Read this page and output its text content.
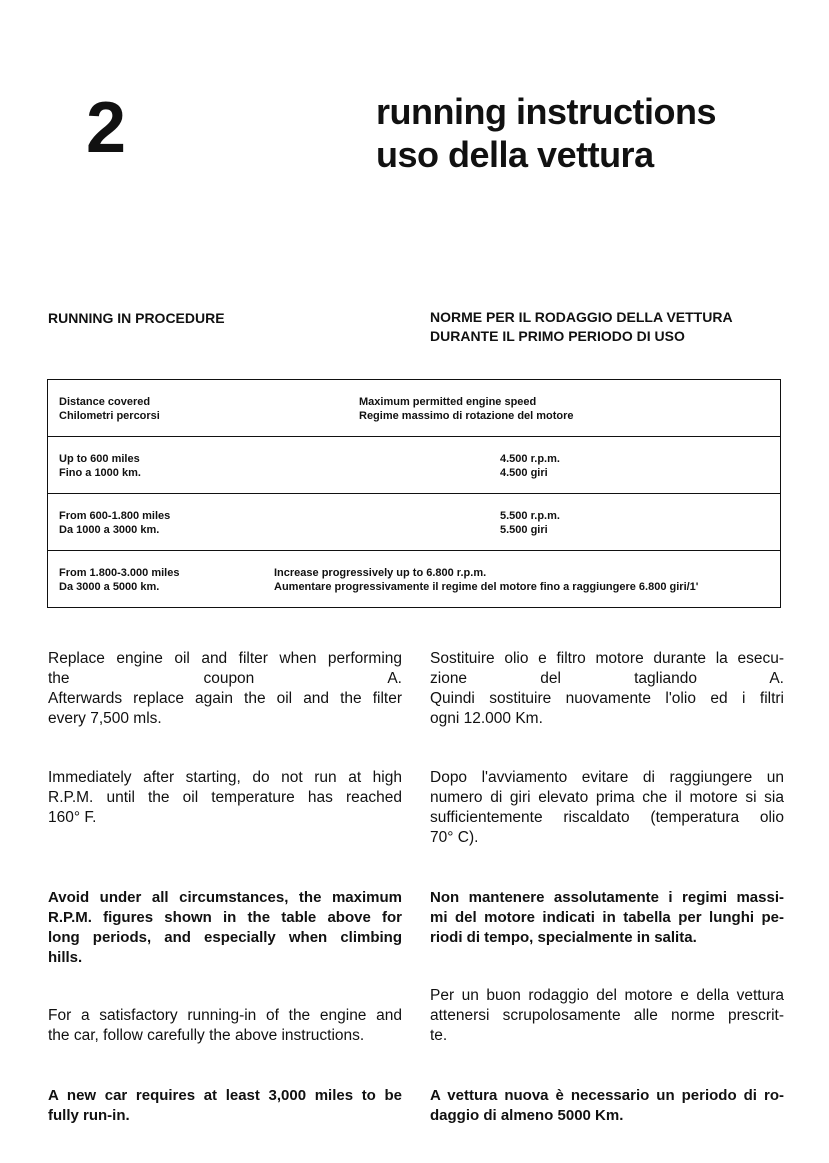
2	running instructions
uso della vettura
RUNNING IN PROCEDURE	NORME PER IL RODAGGIO DELLA VETTURA
DURANTE IL PRIMO PERIODO DI USO
Distance covered
Chilometri percorsi
Maximum permitted engine speed
Regime massimo di rotazione del motore
Up to 600 miles
Fino a 1000 km.
4.500 r.p.m.
4.500 giri
From 600-1.800 miles
Da 1000 a 3000 km.
5.500 r.p.m.
5.500 giri
From 1.800-3.000 miles
Da 3000 a 5000 km.
Increase progressively up to 6.800 r.p.m.
Aumentare progressivamente il regime del motore fino a raggiungere 6.800 giri/1'
Replace engine oil and filter when performing
the coupon A.
Afterwards replace again the oil and the filter
every 7,500 mls.
Sostituire olio e filtro motore durante la esecu-
zione del tagliando A.
Quindi sostituire nuovamente l'olio ed i filtri
ogni 12.000 Km.
Immediately after starting, do not run at high
R.P.M. until the oil temperature has reached
160° F.
Dopo l'avviamento evitare di raggiungere un
numero di giri elevato prima che il motore si sia
sufficientemente riscaldato (temperatura olio
70° C).
Avoid under all circumstances, the maximum
R.P.M. figures shown in the table above for
long periods, and especially when climbing
hills.
Non mantenere assolutamente i regimi massi-
mi del motore indicati in tabella per lunghi pe-
riodi di tempo, specialmente in salita.
For a satisfactory running-in of the engine and
the car, follow carefully the above instructions.
Per un buon rodaggio del motore e della vettura
attenersi scrupolosamente alle norme prescrit-
te.
A new car requires at least 3,000 miles to be
fully run-in.
A vettura nuova è necessario un periodo di ro-
daggio di almeno 5000 Km.
